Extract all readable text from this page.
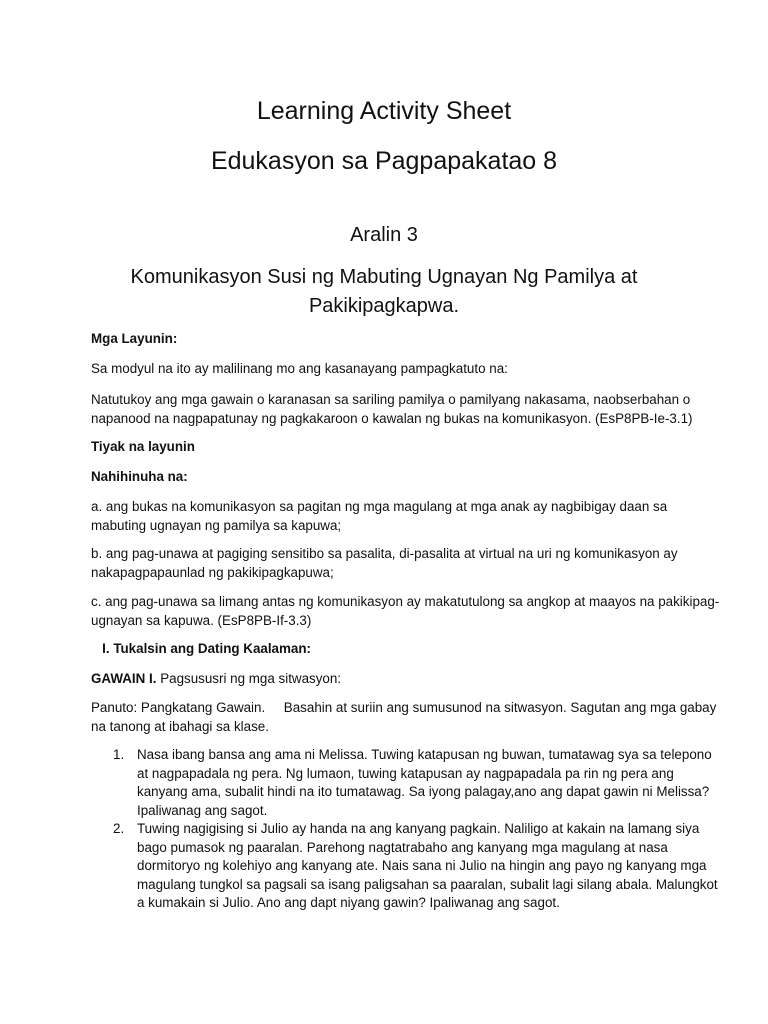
Learning Activity Sheet
Edukasyon sa Pagpapakatao 8
Aralin 3
Komunikasyon Susi ng Mabuting Ugnayan Ng Pamilya at
Pakikipagkapwa.
Mga Layunin:
Sa modyul na ito ay malilinang mo ang kasanayang pampagkatuto na:
Natutukoy ang mga gawain o karanasan sa sariling pamilya o pamilyang nakasama, naobserbahan o
napanood na nagpapatunay ng pagkakaroon o kawalan ng bukas na komunikasyon. (EsP8PB-Ie-3.1)
Tiyak na layunin
Nahihinuha na:
a. ang bukas na komunikasyon sa pagitan ng mga magulang at mga anak ay nagbibigay daan sa
mabuting ugnayan ng pamilya sa kapuwa;
b. ang pag-unawa at pagiging sensitibo sa pasalita, di-pasalita at virtual na uri ng komunikasyon ay
nakapagpapaunlad ng pakikipagkapuwa;
c. ang pag-unawa sa limang antas ng komunikasyon ay makatutulong sa angkop at maayos na pakikipag-
ugnayan sa kapuwa. (EsP8PB-If-3.3)
I. Tukalsin ang Dating Kaalaman:
GAWAIN I. Pagsususri ng mga sitwasyon:
Panuto: Pangkatang Gawain.     Basahin at suriin ang sumusunod na sitwasyon. Sagutan ang mga gabay
na tanong at ibahagi sa klase.
1. Nasa ibang bansa ang ama ni Melissa. Tuwing katapusan ng buwan, tumatawag sya sa telepono
at nagpapadala ng pera. Ng lumaon, tuwing katapusan ay nagpapadala pa rin ng pera ang
kanyang ama, subalit hindi na ito tumatawag. Sa iyong palagay,ano ang dapat gawin ni Melissa?
Ipaliwanag ang sagot.
2. Tuwing nagigising si Julio ay handa na ang kanyang pagkain. Naliligo at kakain na lamang siya
bago pumasok ng paaralan. Parehong nagtatrabaho ang kanyang mga magulang at nasa
dormitoryo ng kolehiyo ang kanyang ate. Nais sana ni Julio na hingin ang payo ng kanyang mga
magulang tungkol sa pagsali sa isang paligsahan sa paaralan, subalit lagi silang abala. Malungkot
a kumakain si Julio. Ano ang dapt niyang gawin? Ipaliwanag ang sagot.
